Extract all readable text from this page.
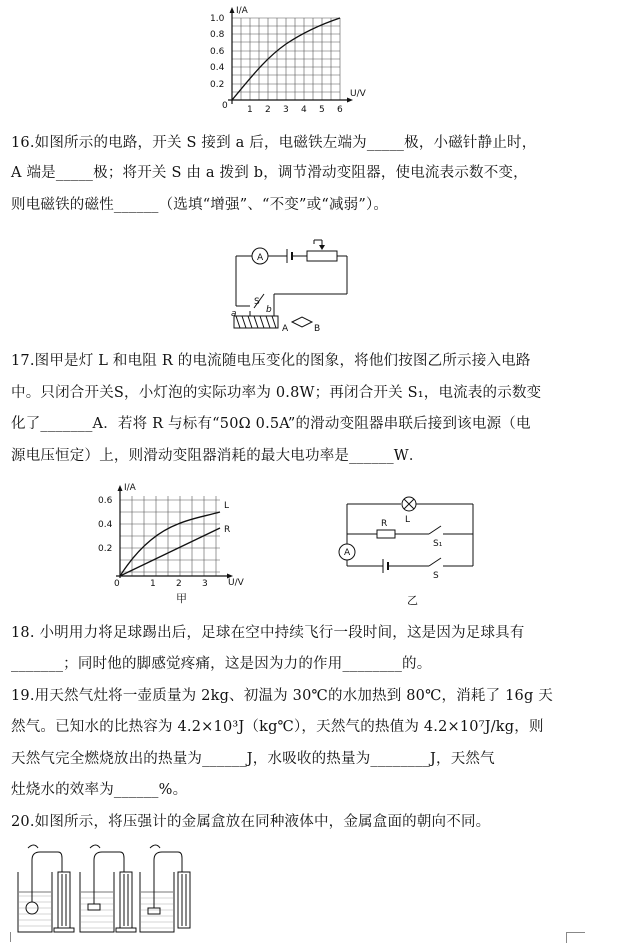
I/A
U/V
1.0
0.8
0.6
0.4
0.2
0 1 2 3 4 5 6
16.如图所示的电路，开关 S 接到 a 后，电磁铁左端为_____极，小磁针静止时，
A 端是_____极；将开关 S 由 a 拨到 b，调节滑动变阻器，使电流表示数不变，
则电磁铁的磁性______（选填“增强”、“不变”或“减弱”）。
A
a	b
S
A	B
17.图甲是灯 L 和电阻 R 的电流随电压变化的图象，将他们按图乙所示接入电路
中。只闭合开关S，小灯泡的实际功率为 0.8W；再闭合开关 S₁，电流表的示数变
化了_______A．若将 R 与标有“50Ω 0.5A”的滑动变阻器串联后接到该电源（电
源电压恒定）上，则滑动变阻器消耗的最大电功率是______W．
I/A
U/V
0.6
0.4
0.2
0	1 2 3
L
R
甲
L
R
S₁
S
A
乙
18. 小明用力将足球踢出后，足球在空中持续飞行一段时间，这是因为足球具有
_______；同时他的脚感觉疼痛，这是因为力的作用________的。
19.用天然气灶将一壶质量为 2kg、初温为 30℃的水加热到 80℃，消耗了 16g 天
然气。已知水的比热容为 4.2×10³J（kg℃），天然气的热值为 4.2×10⁷J/kg，则
天然气完全燃烧放出的热量为______J，水吸收的热量为________J，天然气
灶烧水的效率为______%。
20.如图所示，将压强计的金属盒放在同种液体中，金属盒面的朝向不同。
